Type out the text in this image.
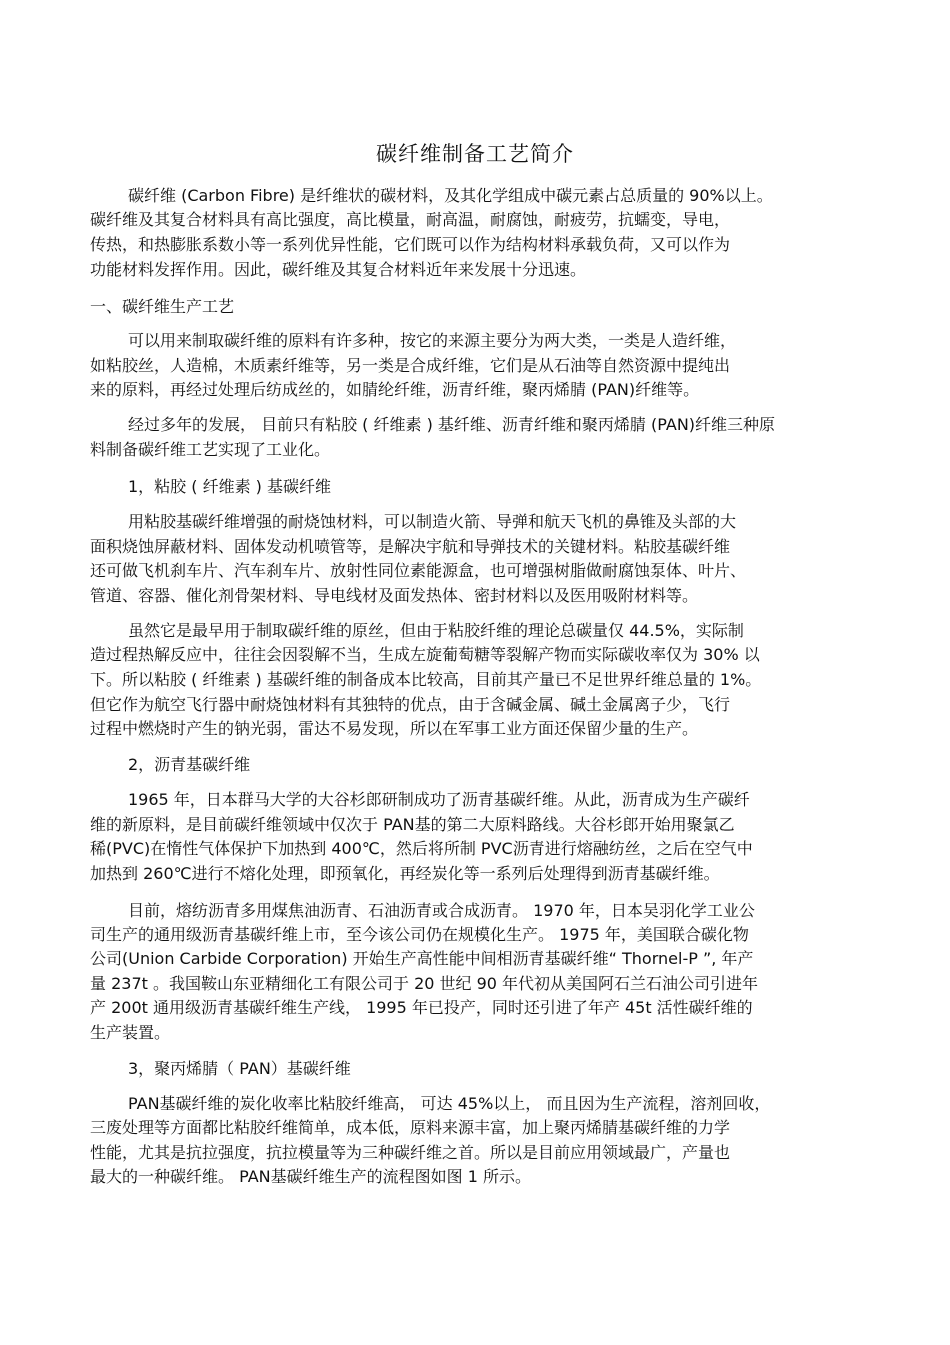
碳纤维制备工艺简介
碳纤维 (Carbon Fibre) 是纤维状的碳材料，及其化学组成中碳元素占总质量的 90%以上。
碳纤维及其复合材料具有高比强度，高比模量，耐高温，耐腐蚀，耐疲劳，抗蠕变，导电，
传热，和热膨胀系数小等一系列优异性能，它们既可以作为结构材料承载负荷，又可以作为
功能材料发挥作用。因此，碳纤维及其复合材料近年来发展十分迅速。
一、碳纤维生产工艺
可以用来制取碳纤维的原料有许多种，按它的来源主要分为两大类，一类是人造纤维，
如粘胶丝，人造棉，木质素纤维等，另一类是合成纤维，它们是从石油等自然资源中提纯出
来的原料，再经过处理后纺成丝的，如腈纶纤维，沥青纤维，聚丙烯腈 (PAN)纤维等。
经过多年的发展， 目前只有粘胶 ( 纤维素 ) 基纤维、沥青纤维和聚丙烯腈 (PAN)纤维三种原
料制备碳纤维工艺实现了工业化。
1，粘胶 ( 纤维素 ) 基碳纤维
用粘胶基碳纤维增强的耐烧蚀材料，可以制造火箭、导弹和航天飞机的鼻锥及头部的大
面积烧蚀屏蔽材料、固体发动机喷管等，是解决宇航和导弹技术的关键材料。粘胶基碳纤维
还可做飞机刹车片、汽车刹车片、放射性同位素能源盒，也可增强树脂做耐腐蚀泵体、叶片、
管道、容器、催化剂骨架材料、导电线材及面发热体、密封材料以及医用吸附材料等。
虽然它是最早用于制取碳纤维的原丝，但由于粘胶纤维的理论总碳量仅 44.5%，实际制
造过程热解反应中，往往会因裂解不当，生成左旋葡萄糖等裂解产物而实际碳收率仅为 30% 以
下。所以粘胶 ( 纤维素 ) 基碳纤维的制备成本比较高，目前其产量已不足世界纤维总量的 1%。
但它作为航空飞行器中耐烧蚀材料有其独特的优点，由于含碱金属、碱土金属离子少，飞行
过程中燃烧时产生的钠光弱，雷达不易发现，所以在军事工业方面还保留少量的生产。
2，沥青基碳纤维
1965 年，日本群马大学的大谷杉郎研制成功了沥青基碳纤维。从此，沥青成为生产碳纤
维的新原料，是目前碳纤维领域中仅次于 PAN基的第二大原料路线。大谷杉郎开始用聚氯乙
稀(PVC)在惰性气体保护下加热到 400℃，然后将所制 PVC沥青进行熔融纺丝，之后在空气中
加热到 260℃进行不熔化处理，即预氧化，再经炭化等一系列后处理得到沥青基碳纤维。
目前，熔纺沥青多用煤焦油沥青、石油沥青或合成沥青。 1970 年，日本吴羽化学工业公
司生产的通用级沥青基碳纤维上市，至今该公司仍在规模化生产。 1975 年，美国联合碳化物
公司(Union Carbide Corporation) 开始生产高性能中间相沥青基碳纤维“ Thornel-P ”, 年产
量 237t 。我国鞍山东亚精细化工有限公司于 20 世纪 90 年代初从美国阿石兰石油公司引进年
产 200t 通用级沥青基碳纤维生产线， 1995 年已投产，同时还引进了年产 45t 活性碳纤维的
生产装置。
3，聚丙烯腈（ PAN）基碳纤维
PAN基碳纤维的炭化收率比粘胶纤维高， 可达 45%以上， 而且因为生产流程，溶剂回收，
三废处理等方面都比粘胶纤维简单，成本低，原料来源丰富，加上聚丙烯腈基碳纤维的力学
性能，尤其是抗拉强度，抗拉模量等为三种碳纤维之首。所以是目前应用领域最广，产量也
最大的一种碳纤维。 PAN基碳纤维生产的流程图如图 1 所示。
